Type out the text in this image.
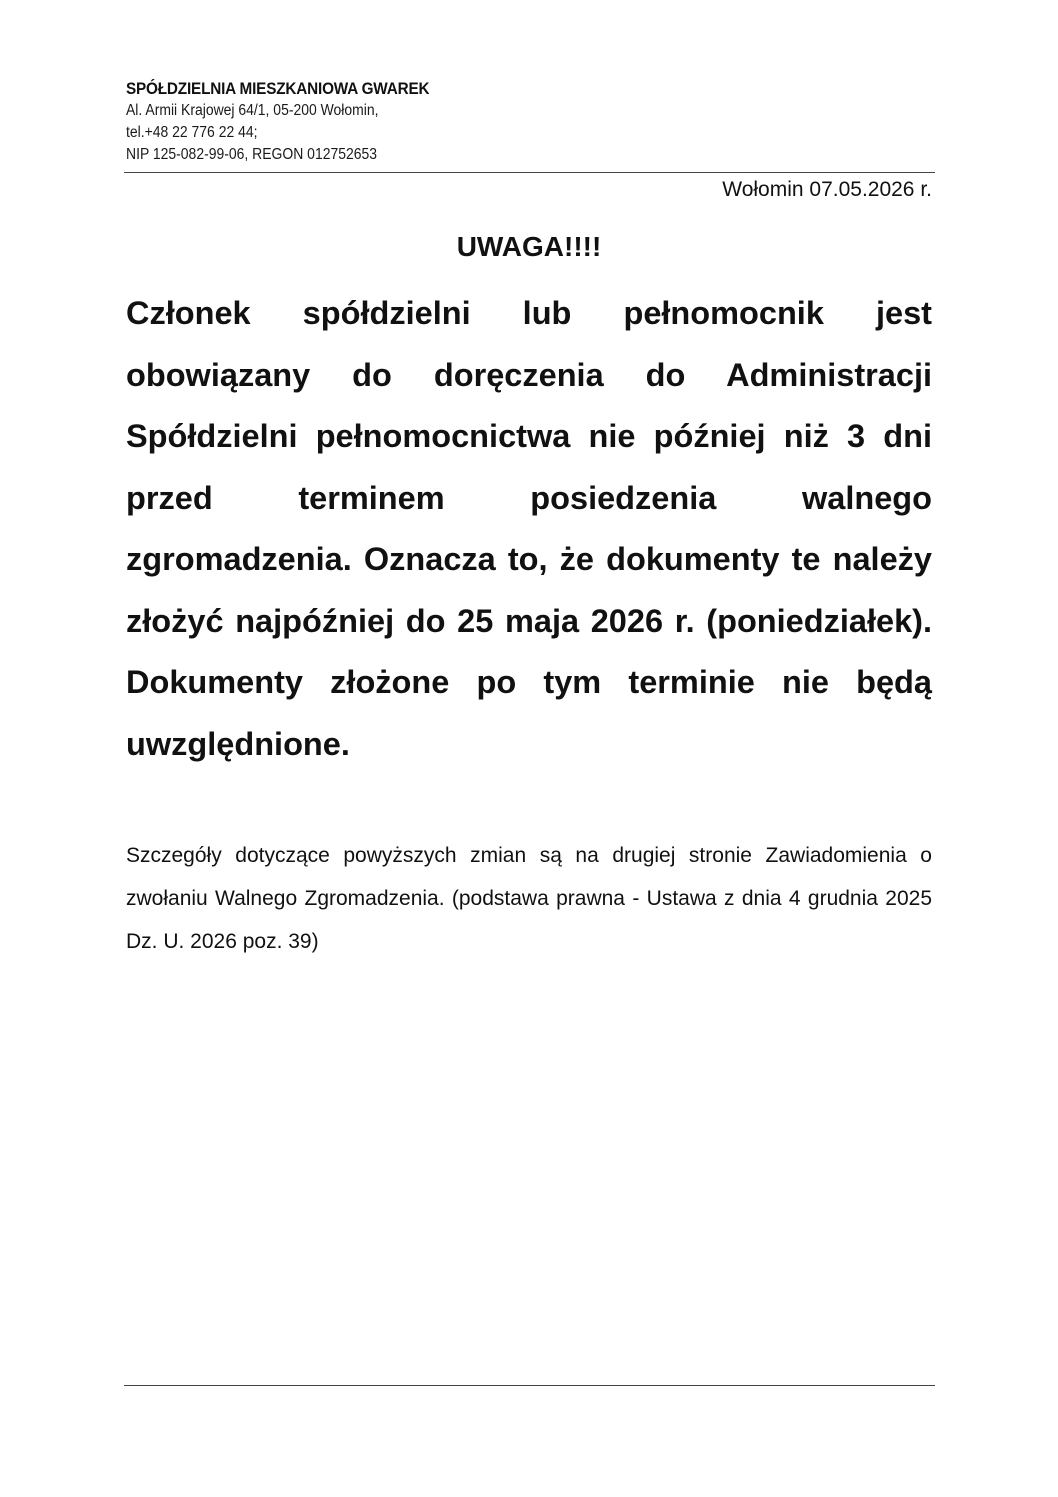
SPÓŁDZIELNIA MIESZKANIOWA GWAREK
Al. Armii Krajowej 64/1, 05-200 Wołomin,
tel.+48 22 776 22 44;
NIP 125-082-99-06, REGON 012752653
Wołomin 07.05.2026 r.
UWAGA!!!!
Członek spółdzielni lub pełnomocnik jest obowiązany do doręczenia do Administracji Spółdzielni pełnomocnictwa nie później niż 3 dni przed terminem posiedzenia walnego zgromadzenia. Oznacza to, że dokumenty te należy złożyć najpóźniej do 25 maja 2026 r. (poniedziałek). Dokumenty złożone po tym terminie nie będą uwzględnione.
Szczegóły dotyczące powyższych zmian są na drugiej stronie Zawiadomienia o zwołaniu Walnego Zgromadzenia. (podstawa prawna - Ustawa z dnia 4 grudnia 2025 Dz. U. 2026 poz. 39)
